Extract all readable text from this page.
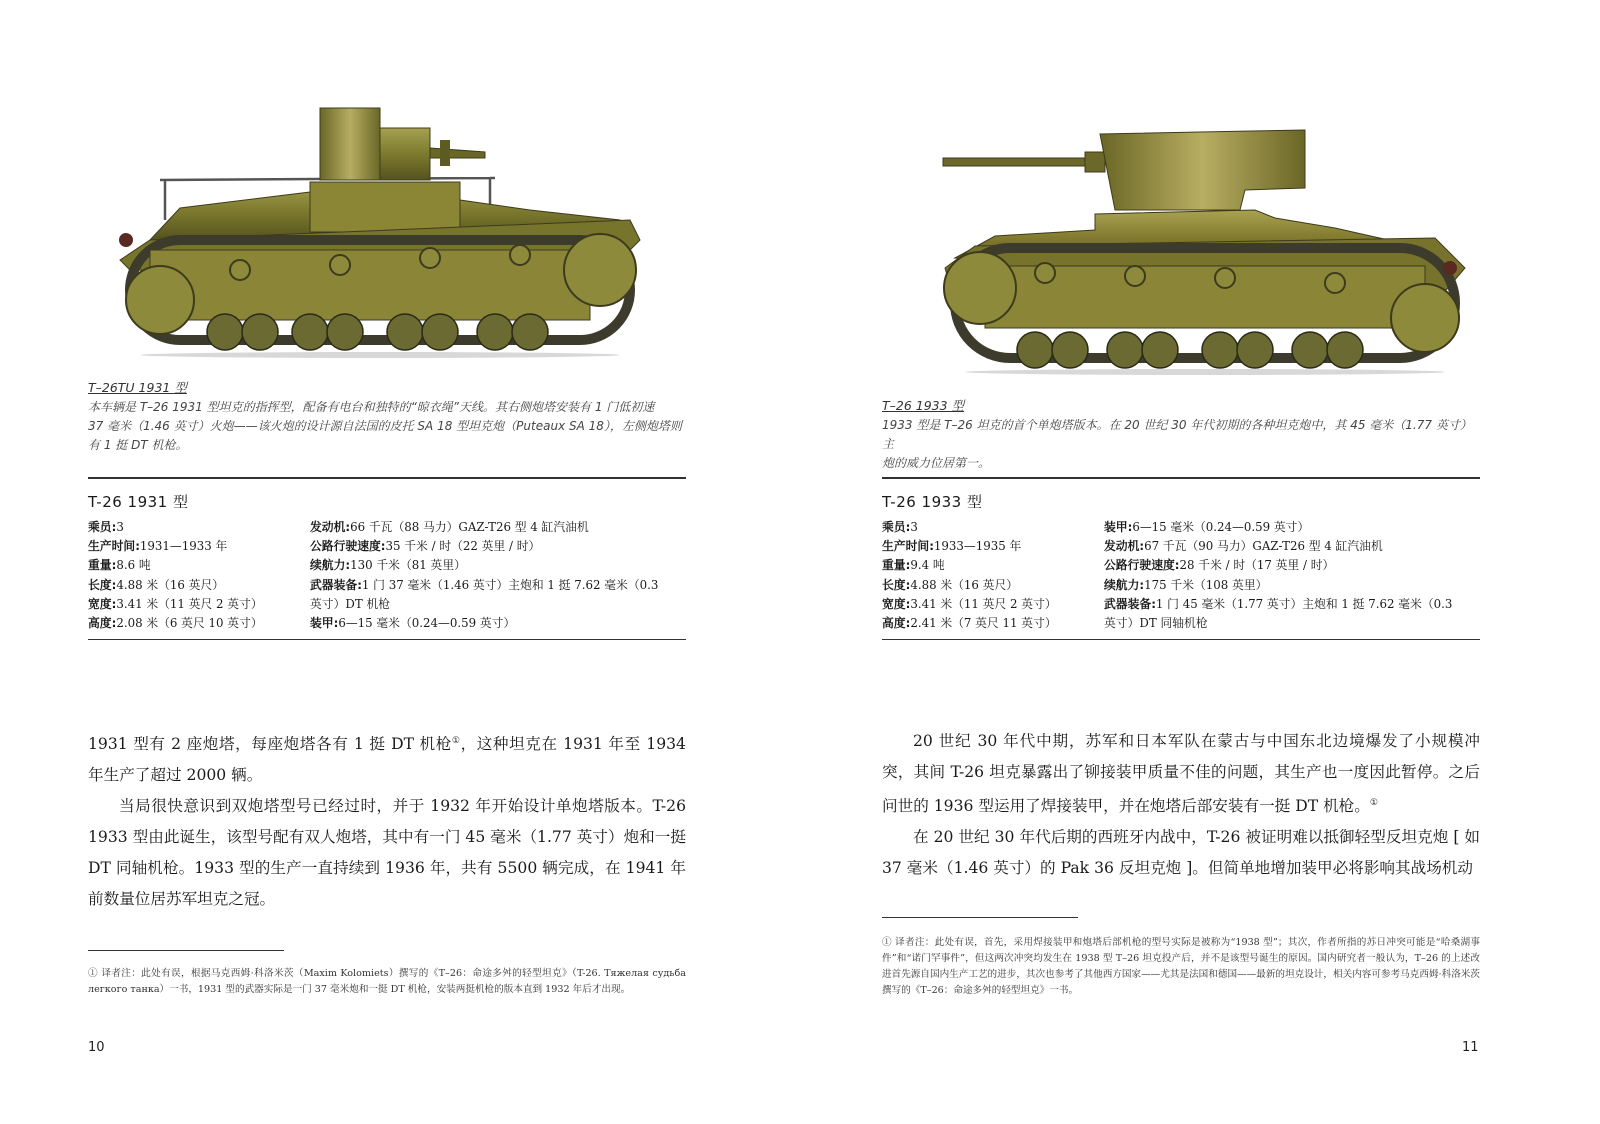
T–26TU 1931 型
本车辆是 T–26 1931 型坦克的指挥型，配备有电台和独特的“晾衣绳”天线。其右侧炮塔安装有 1 门低初速
37 毫米（1.46 英寸）火炮——该火炮的设计源自法国的皮托 SA 18 型坦克炮（Puteaux SA 18），左侧炮塔则
有 1 挺 DT 机枪。
T-26 1931 型
乘员:3
生产时间:1931—1933 年
重量:8.6 吨
长度:4.88 米（16 英尺）
宽度:3.41 米（11 英尺 2 英寸）
高度:2.08 米（6 英尺 10 英寸）
发动机:66 千瓦（88 马力）GAZ-T26 型 4 缸汽油机
公路行驶速度:35 千米 / 时（22 英里 / 时）
续航力:130 千米（81 英里）
武器装备:1 门 37 毫米（1.46 英寸）主炮和 1 挺 7.62 毫米（0.3
英寸）DT 机枪
装甲:6—15 毫米（0.24—0.59 英寸）

1931 型有 2 座炮塔，每座炮塔各有 1 挺 DT 机枪①，这种坦克在 1931 年至 1934 年生产了超过 2000 辆。

当局很快意识到双炮塔型号已经过时，并于 1932 年开始设计单炮塔版本。T-26 1933 型由此诞生，该型号配有双人炮塔，其中有一门 45 毫米（1.77 英寸）炮和一挺 DT 同轴机枪。1933 型的生产一直持续到 1936 年，共有 5500 辆完成，在 1941 年前数量位居苏军坦克之冠。

① 译者注：此处有误，根据马克西姆·科洛米茨（Maxim Kolomiets）撰写的《T–26：命途多舛的轻型坦克》（T-26. Тяжелая судьба легкого танка）一书，1931 型的武器实际是一门 37 毫米炮和一挺 DT 机枪，安装两挺机枪的版本直到 1932 年后才出现。
10
T–26 1933 型
1933 型是 T–26 坦克的首个单炮塔版本。在 20 世纪 30 年代初期的各种坦克炮中，其 45 毫米（1.77 英寸）主
炮的威力位居第一。
T-26 1933 型
乘员:3
生产时间:1933—1935 年
重量:9.4 吨
长度:4.88 米（16 英尺）
宽度:3.41 米（11 英尺 2 英寸）
高度:2.41 米（7 英尺 11 英寸）
装甲:6—15 毫米（0.24—0.59 英寸）
发动机:67 千瓦（90 马力）GAZ-T26 型 4 缸汽油机
公路行驶速度:28 千米 / 时（17 英里 / 时）
续航力:175 千米（108 英里）
武器装备:1 门 45 毫米（1.77 英寸）主炮和 1 挺 7.62 毫米（0.3
英寸）DT 同轴机枪

20 世纪 30 年代中期，苏军和日本军队在蒙古与中国东北边境爆发了小规模冲突，其间 T-26 坦克暴露出了铆接装甲质量不佳的问题，其生产也一度因此暂停。之后问世的 1936 型运用了焊接装甲，并在炮塔后部安装有一挺 DT 机枪。①

在 20 世纪 30 年代后期的西班牙内战中，T-26 被证明难以抵御轻型反坦克炮 [ 如 37 毫米（1.46 英寸）的 Pak 36 反坦克炮 ]。但简单地增加装甲必将影响其战场机动

① 译者注：此处有误，首先，采用焊接装甲和炮塔后部机枪的型号实际是被称为“1938 型”；其次，作者所指的苏日冲突可能是“哈桑湖事件”和“诺门罕事件”，但这两次冲突均发生在 1938 型 T–26 坦克投产后，并不是该型号诞生的原因。国内研究者一般认为，T–26 的上述改进首先源自国内生产工艺的进步，其次也参考了其他西方国家——尤其是法国和德国——最新的坦克设计，相关内容可参考马克西姆·科洛米茨撰写的《T–26：命途多舛的轻型坦克》一书。
11
